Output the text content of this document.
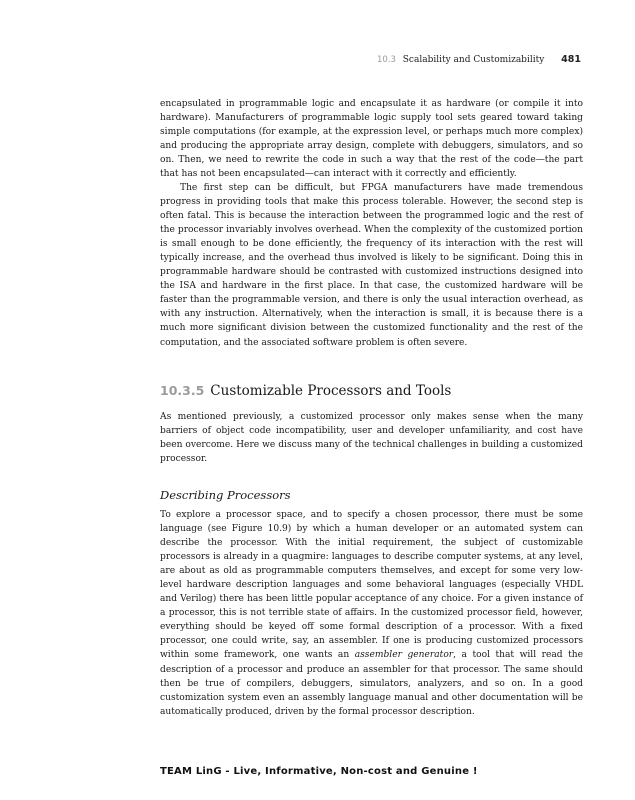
10.3 Scalability and Customizability 481

encapsulated in programmable logic and encapsulate it as hardware (or compile it into hardware). Manufacturers of programmable logic supply tool sets geared toward taking simple computations (for example, at the expression level, or perhaps much more complex) and producing the appropriate array design, complete with debuggers, simulators, and so on. Then, we need to rewrite the code in such a way that the rest of the code—the part that has not been encapsulated—can interact with it correctly and efficiently.

The first step can be difficult, but FPGA manufacturers have made tremendous progress in providing tools that make this process tolerable. However, the second step is often fatal. This is because the interaction between the programmed logic and the rest of the processor invariably involves overhead. When the complexity of the customized portion is small enough to be done efficiently, the frequency of its interaction with the rest will typically increase, and the overhead thus involved is likely to be significant. Doing this in programmable hardware should be contrasted with customized instructions designed into the ISA and hardware in the first place. In that case, the customized hardware will be faster than the programmable version, and there is only the usual interaction overhead, as with any instruction. Alternatively, when the interaction is small, it is because there is a much more significant division between the customized functionality and the rest of the computation, and the associated software problem is often severe.

10.3.5 Customizable Processors and Tools

As mentioned previously, a customized processor only makes sense when the many barriers of object code incompatibility, user and developer unfamiliarity, and cost have been overcome. Here we discuss many of the technical challenges in building a customized processor.

Describing Processors

To explore a processor space, and to specify a chosen processor, there must be some language (see Figure 10.9) by which a human developer or an automated system can describe the processor. With the initial requirement, the subject of customizable processors is already in a quagmire: languages to describe computer systems, at any level, are about as old as programmable computers themselves, and except for some very low-level hardware description languages and some behavioral languages (especially VHDL and Verilog) there has been little popular acceptance of any choice. For a given instance of a processor, this is not terrible state of affairs. In the customized processor field, however, everything should be keyed off some formal description of a processor. With a fixed processor, one could write, say, an assembler. If one is producing customized processors within some framework, one wants an assembler generator, a tool that will read the description of a processor and produce an assembler for that processor. The same should then be true of compilers, debuggers, simulators, analyzers, and so on. In a good customization system even an assembly language manual and other documentation will be automatically produced, driven by the formal processor description.

TEAM LinG - Live, Informative, Non-cost and Genuine !
